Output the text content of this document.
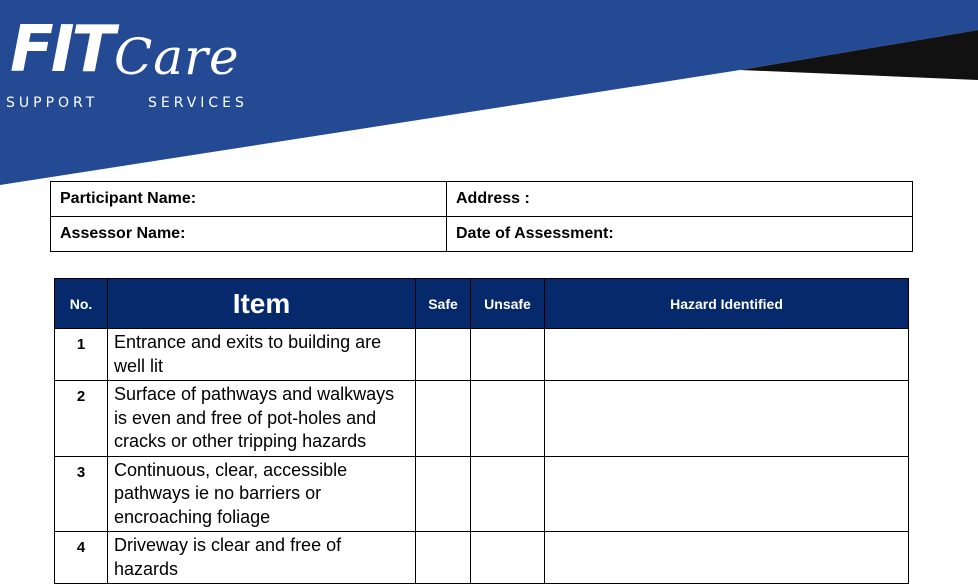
FIT Care
SUPPORT	SERVICES
Participant Name:	Address :
Assessor Name:	Date of Assessment:
No.	Item	Safe	Unsafe	Hazard Identified
1	Entrance and exits to building are well lit			
2	Surface of pathways and walkways is even and free of pot-holes and cracks or other tripping hazards			
3	Continuous, clear, accessible pathways ie no barriers or encroaching foliage			
4	Driveway is clear and free of hazards			
